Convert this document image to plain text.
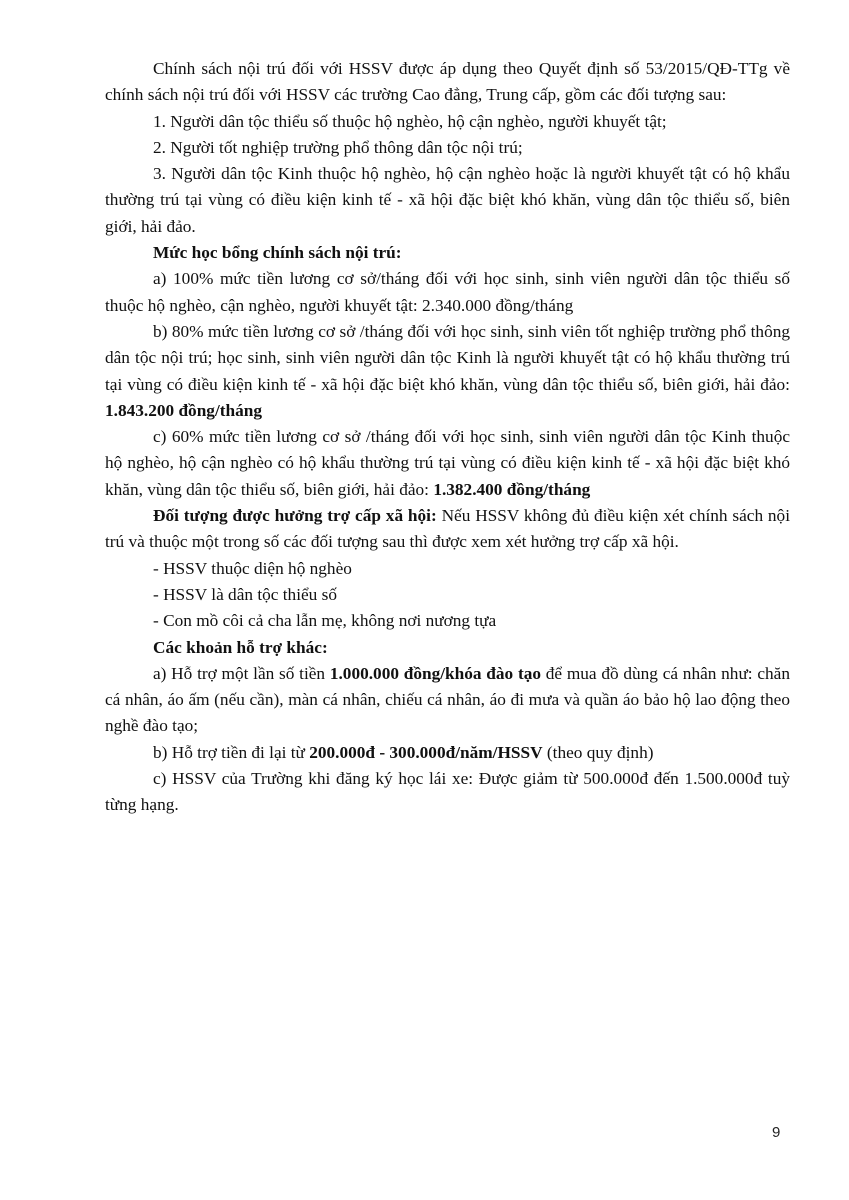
Chính sách nội trú đối với HSSV được áp dụng theo Quyết định số 53/2015/QĐ-TTg về chính sách nội trú đối với HSSV các trường Cao đẳng, Trung cấp, gồm các đối tượng sau:

1. Người dân tộc thiểu số thuộc hộ nghèo, hộ cận nghèo, người khuyết tật;

2. Người tốt nghiệp trường phổ thông dân tộc nội trú;

3. Người dân tộc Kinh thuộc hộ nghèo, hộ cận nghèo hoặc là người khuyết tật có hộ khẩu thường trú tại vùng có điều kiện kinh tế - xã hội đặc biệt khó khăn, vùng dân tộc thiểu số, biên giới, hải đảo.

Mức học bổng chính sách nội trú:

a) 100% mức tiền lương cơ sở/tháng đối với học sinh, sinh viên người dân tộc thiểu số thuộc hộ nghèo, cận nghèo, người khuyết tật: 2.340.000 đồng/tháng

b) 80% mức tiền lương cơ sở /tháng đối với học sinh, sinh viên tốt nghiệp trường phổ thông dân tộc nội trú; học sinh, sinh viên người dân tộc Kinh là người khuyết tật có hộ khẩu thường trú tại vùng có điều kiện kinh tế - xã hội đặc biệt khó khăn, vùng dân tộc thiểu số, biên giới, hải đảo: 1.843.200 đồng/tháng

c) 60% mức tiền lương cơ sở /tháng đối với học sinh, sinh viên người dân tộc Kinh thuộc hộ nghèo, hộ cận nghèo có hộ khẩu thường trú tại vùng có điều kiện kinh tế - xã hội đặc biệt khó khăn, vùng dân tộc thiểu số, biên giới, hải đảo: 1.382.400 đồng/tháng

Đối tượng được hưởng trợ cấp xã hội: Nếu HSSV không đủ điều kiện xét chính sách nội trú và thuộc một trong số các đối tượng sau thì được xem xét hưởng trợ cấp xã hội.

- HSSV thuộc diện hộ nghèo

- HSSV là dân tộc thiểu số

- Con mồ côi cả cha lẫn mẹ, không nơi nương tựa

Các khoản hỗ trợ khác:

a) Hỗ trợ một lần số tiền 1.000.000 đồng/khóa đào tạo để mua đồ dùng cá nhân như: chăn cá nhân, áo ấm (nếu cần), màn cá nhân, chiếu cá nhân, áo đi mưa và quần áo bảo hộ lao động theo nghề đào tạo;

b) Hỗ trợ tiền đi lại từ 200.000đ - 300.000đ/năm/HSSV (theo quy định)

c) HSSV của Trường khi đăng ký học lái xe: Được giảm từ 500.000đ đến 1.500.000đ tuỳ từng hạng.

9
